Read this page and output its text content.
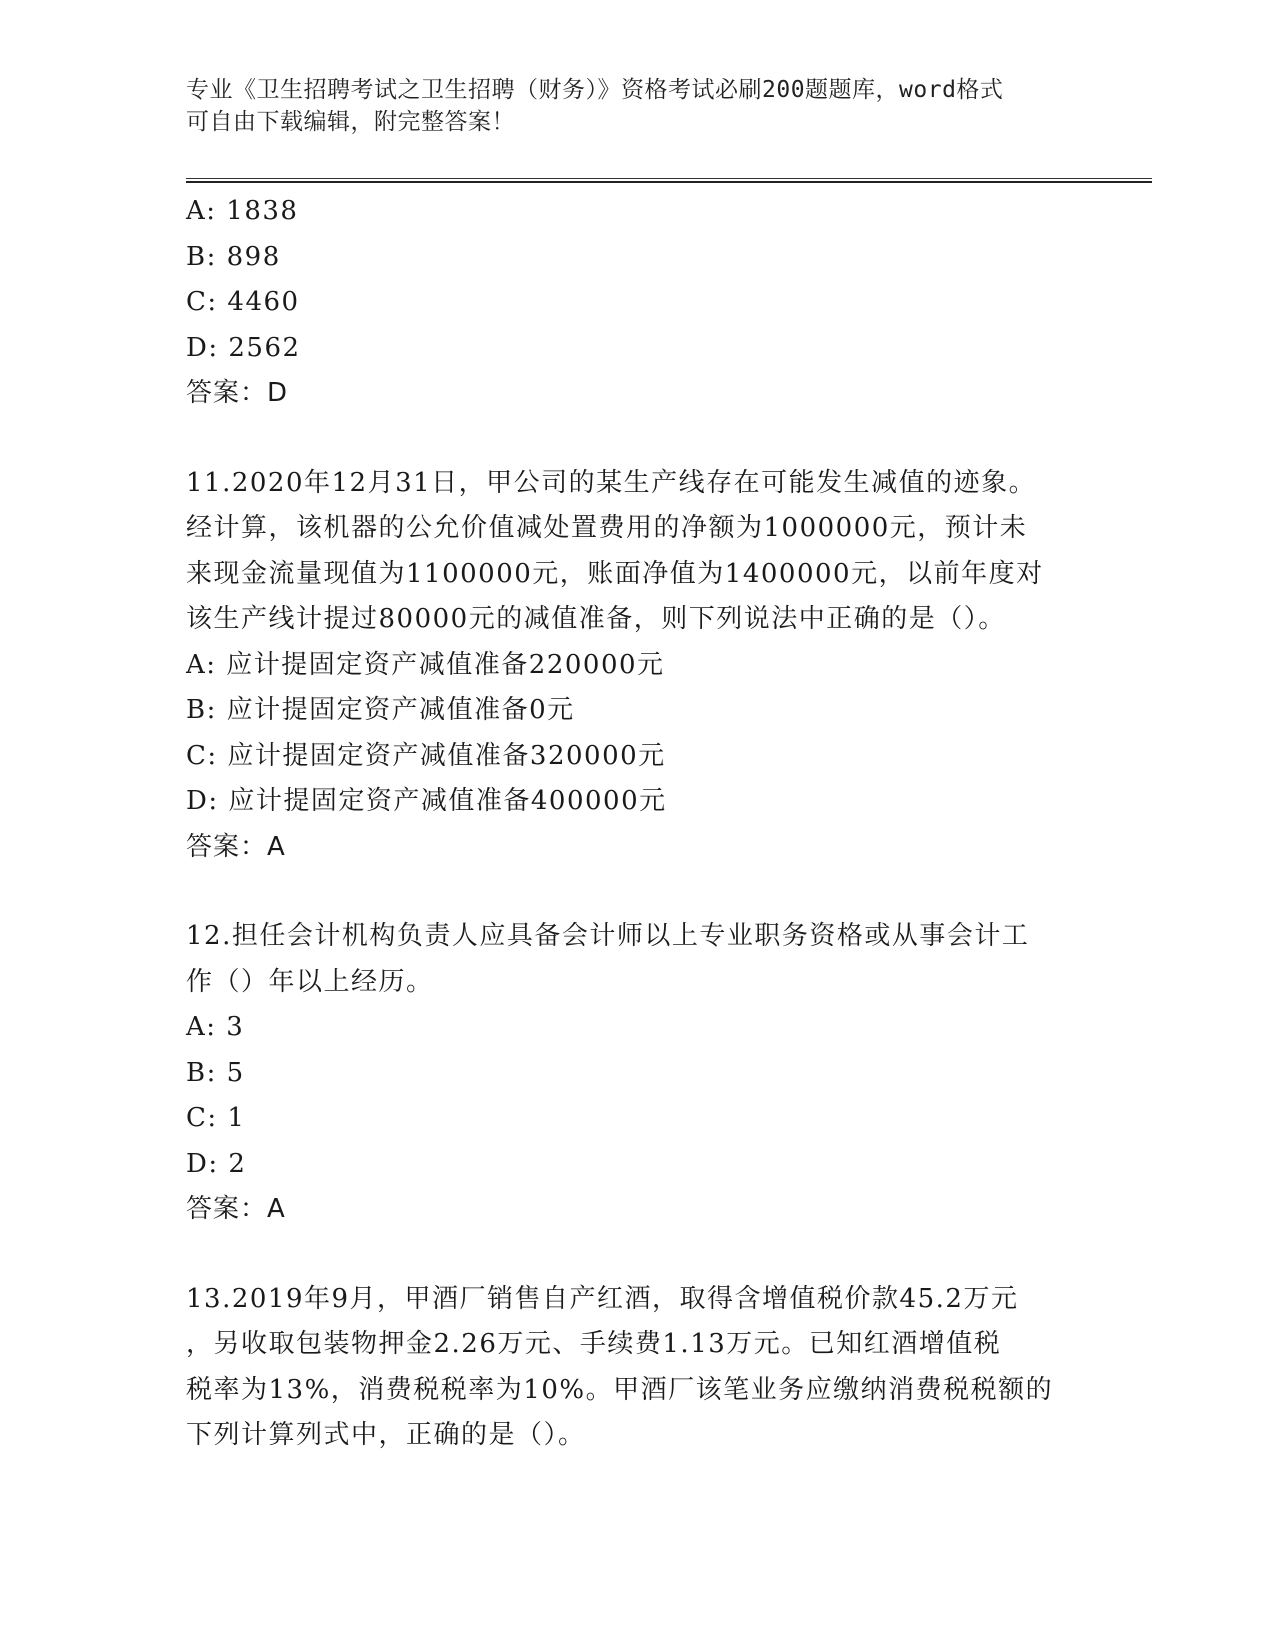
专业《卫生招聘考试之卫生招聘（财务）》资格考试必刷200题题库，word格式
可自由下载编辑，附完整答案！
A: 1838
B: 898
C: 4460
D: 2562
答案：D
11.2020年12月31日，甲公司的某生产线存在可能发生减值的迹象。
经计算，该机器的公允价值减处置费用的净额为1000000元，预计未
来现金流量现值为1100000元，账面净值为1400000元，以前年度对
该生产线计提过80000元的减值准备，则下列说法中正确的是（）。
A: 应计提固定资产减值准备220000元
B: 应计提固定资产减值准备0元
C: 应计提固定资产减值准备320000元
D: 应计提固定资产减值准备400000元
答案：A
12.担任会计机构负责人应具备会计师以上专业职务资格或从事会计工
作（）年以上经历。
A: 3
B: 5
C: 1
D: 2
答案：A
13.2019年9月，甲酒厂销售自产红酒，取得含增值税价款45.2万元
，另收取包装物押金2.26万元、手续费1.13万元。已知红酒增值税
税率为13%，消费税税率为10%。甲酒厂该笔业务应缴纳消费税税额的
下列计算列式中，正确的是（）。
